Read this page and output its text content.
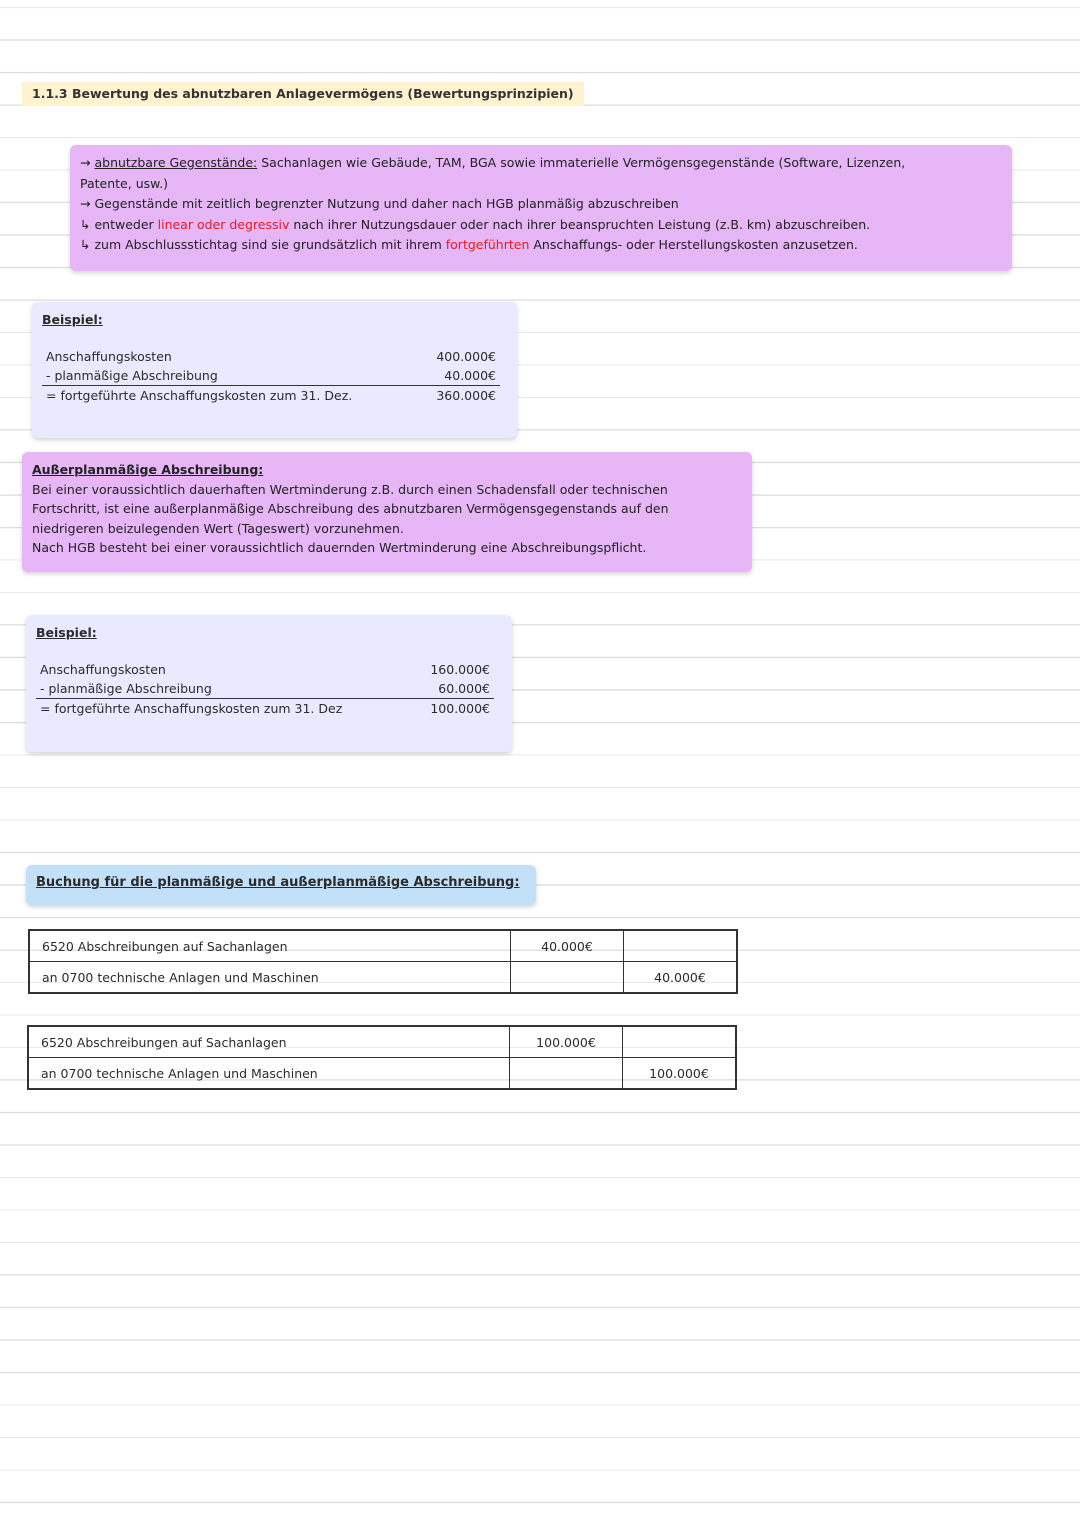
1.1.3 Bewertung des abnutzbaren Anlagevermögens (Bewertungsprinzipien)

→ abnutzbare Gegenstände: Sachanlagen wie Gebäude, TAM, BGA sowie immaterielle Vermögensgegenstände (Software, Lizenzen,

Patente, usw.)

→ Gegenstände mit zeitlich begrenzter Nutzung und daher nach HGB planmäßig abzuschreiben

↳ entweder linear oder degressiv nach ihrer Nutzungsdauer oder nach ihrer beanspruchten Leistung (z.B. km) abzuschreiben.

↳ zum Abschlussstichtag sind sie grundsätzlich mit ihrem fortgeführten Anschaffungs- oder Herstellungskosten anzusetzen.

Beispiel:
Anschaffungskosten	400.000€
- planmäßige Abschreibung	40.000€
= fortgeführte Anschaffungskosten zum 31. Dez.	360.000€

Außerplanmäßige Abschreibung:

Bei einer voraussichtlich dauerhaften Wertminderung z.B. durch einen Schadensfall oder technischen

Fortschritt, ist eine außerplanmäßige Abschreibung des abnutzbaren Vermögensgegenstands auf den

niedrigeren beizulegenden Wert (Tageswert) vorzunehmen.

Nach HGB besteht bei einer voraussichtlich dauernden Wertminderung eine Abschreibungspflicht.

Beispiel:
Anschaffungskosten	160.000€
- planmäßige Abschreibung	60.000€
= fortgeführte Anschaffungskosten zum 31. Dez	100.000€
Buchung für die planmäßige und außerplanmäßige Abschreibung:
6520 Abschreibungen auf Sachanlagen	40.000€	
an 0700 technische Anlagen und Maschinen		40.000€
6520 Abschreibungen auf Sachanlagen	100.000€	
an 0700 technische Anlagen und Maschinen		100.000€
